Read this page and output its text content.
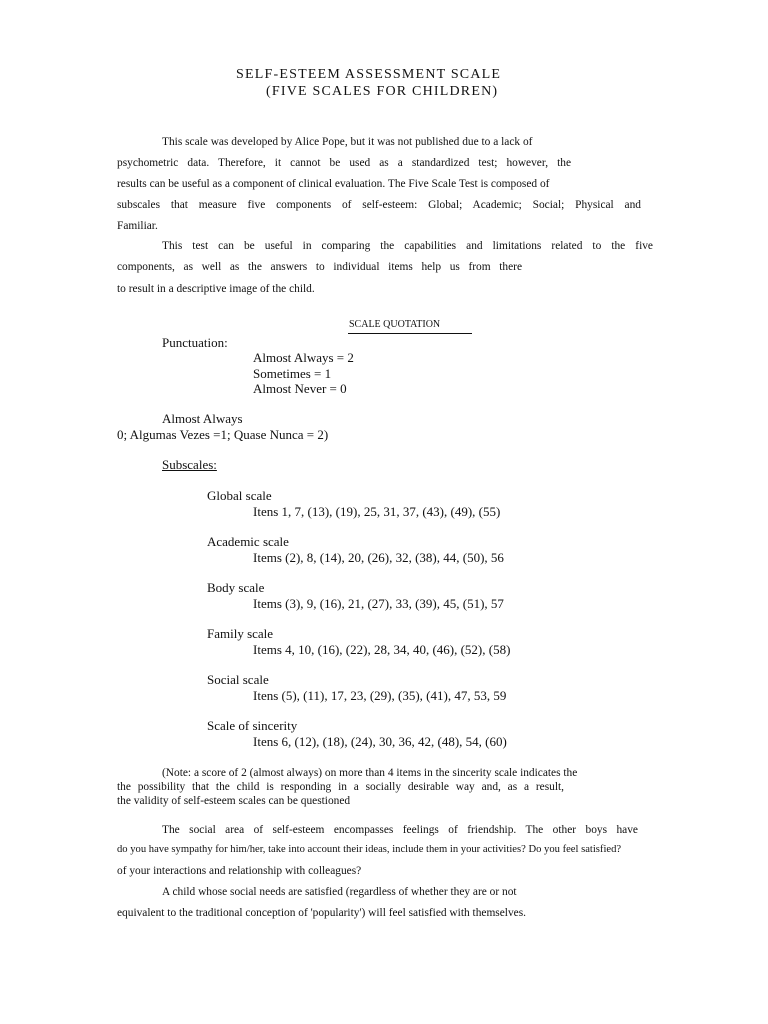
SELF-ESTEEM ASSESSMENT SCALE
(FIVE SCALES FOR CHILDREN)
This scale was developed by Alice Pope, but it was not published due to a lack of
psychometric data. Therefore, it cannot be used as a standardized test; however, the
results can be useful as a component of clinical evaluation. The Five Scale Test is composed of
subscales that measure five components of self-esteem: Global; Academic; Social; Physical and
Familiar.
This test can be useful in comparing the capabilities and limitations related to the five
components, as well as the answers to individual items help us from there
to result in a descriptive image of the child.
SCALE QUOTATION
Punctuation:
Almost Always = 2
Sometimes = 1
Almost Never = 0
Almost Always
0; Algumas Vezes =1; Quase Nunca = 2)
Subscales:
Global scale
Itens 1, 7, (13), (19), 25, 31, 37, (43), (49), (55)
Academic scale
Items (2), 8, (14), 20, (26), 32, (38), 44, (50), 56
Body scale
Items (3), 9, (16), 21, (27), 33, (39), 45, (51), 57
Family scale
Items 4, 10, (16), (22), 28, 34, 40, (46), (52), (58)
Social scale
Itens (5), (11), 17, 23, (29), (35), (41), 47, 53, 59
Scale of sincerity
Itens 6, (12), (18), (24), 30, 36, 42, (48), 54, (60)
(Note: a score of 2 (almost always) on more than 4 items in the sincerity scale indicates the
the possibility that the child is responding in a socially desirable way and, as a result,
the validity of self-esteem scales can be questioned
The social area of self-esteem encompasses feelings of friendship. The other boys have
do you have sympathy for him/her, take into account their ideas, include them in your activities? Do you feel satisfied?
of your interactions and relationship with colleagues?
A child whose social needs are satisfied (regardless of whether they are or not
equivalent to the traditional conception of 'popularity') will feel satisfied with themselves.
